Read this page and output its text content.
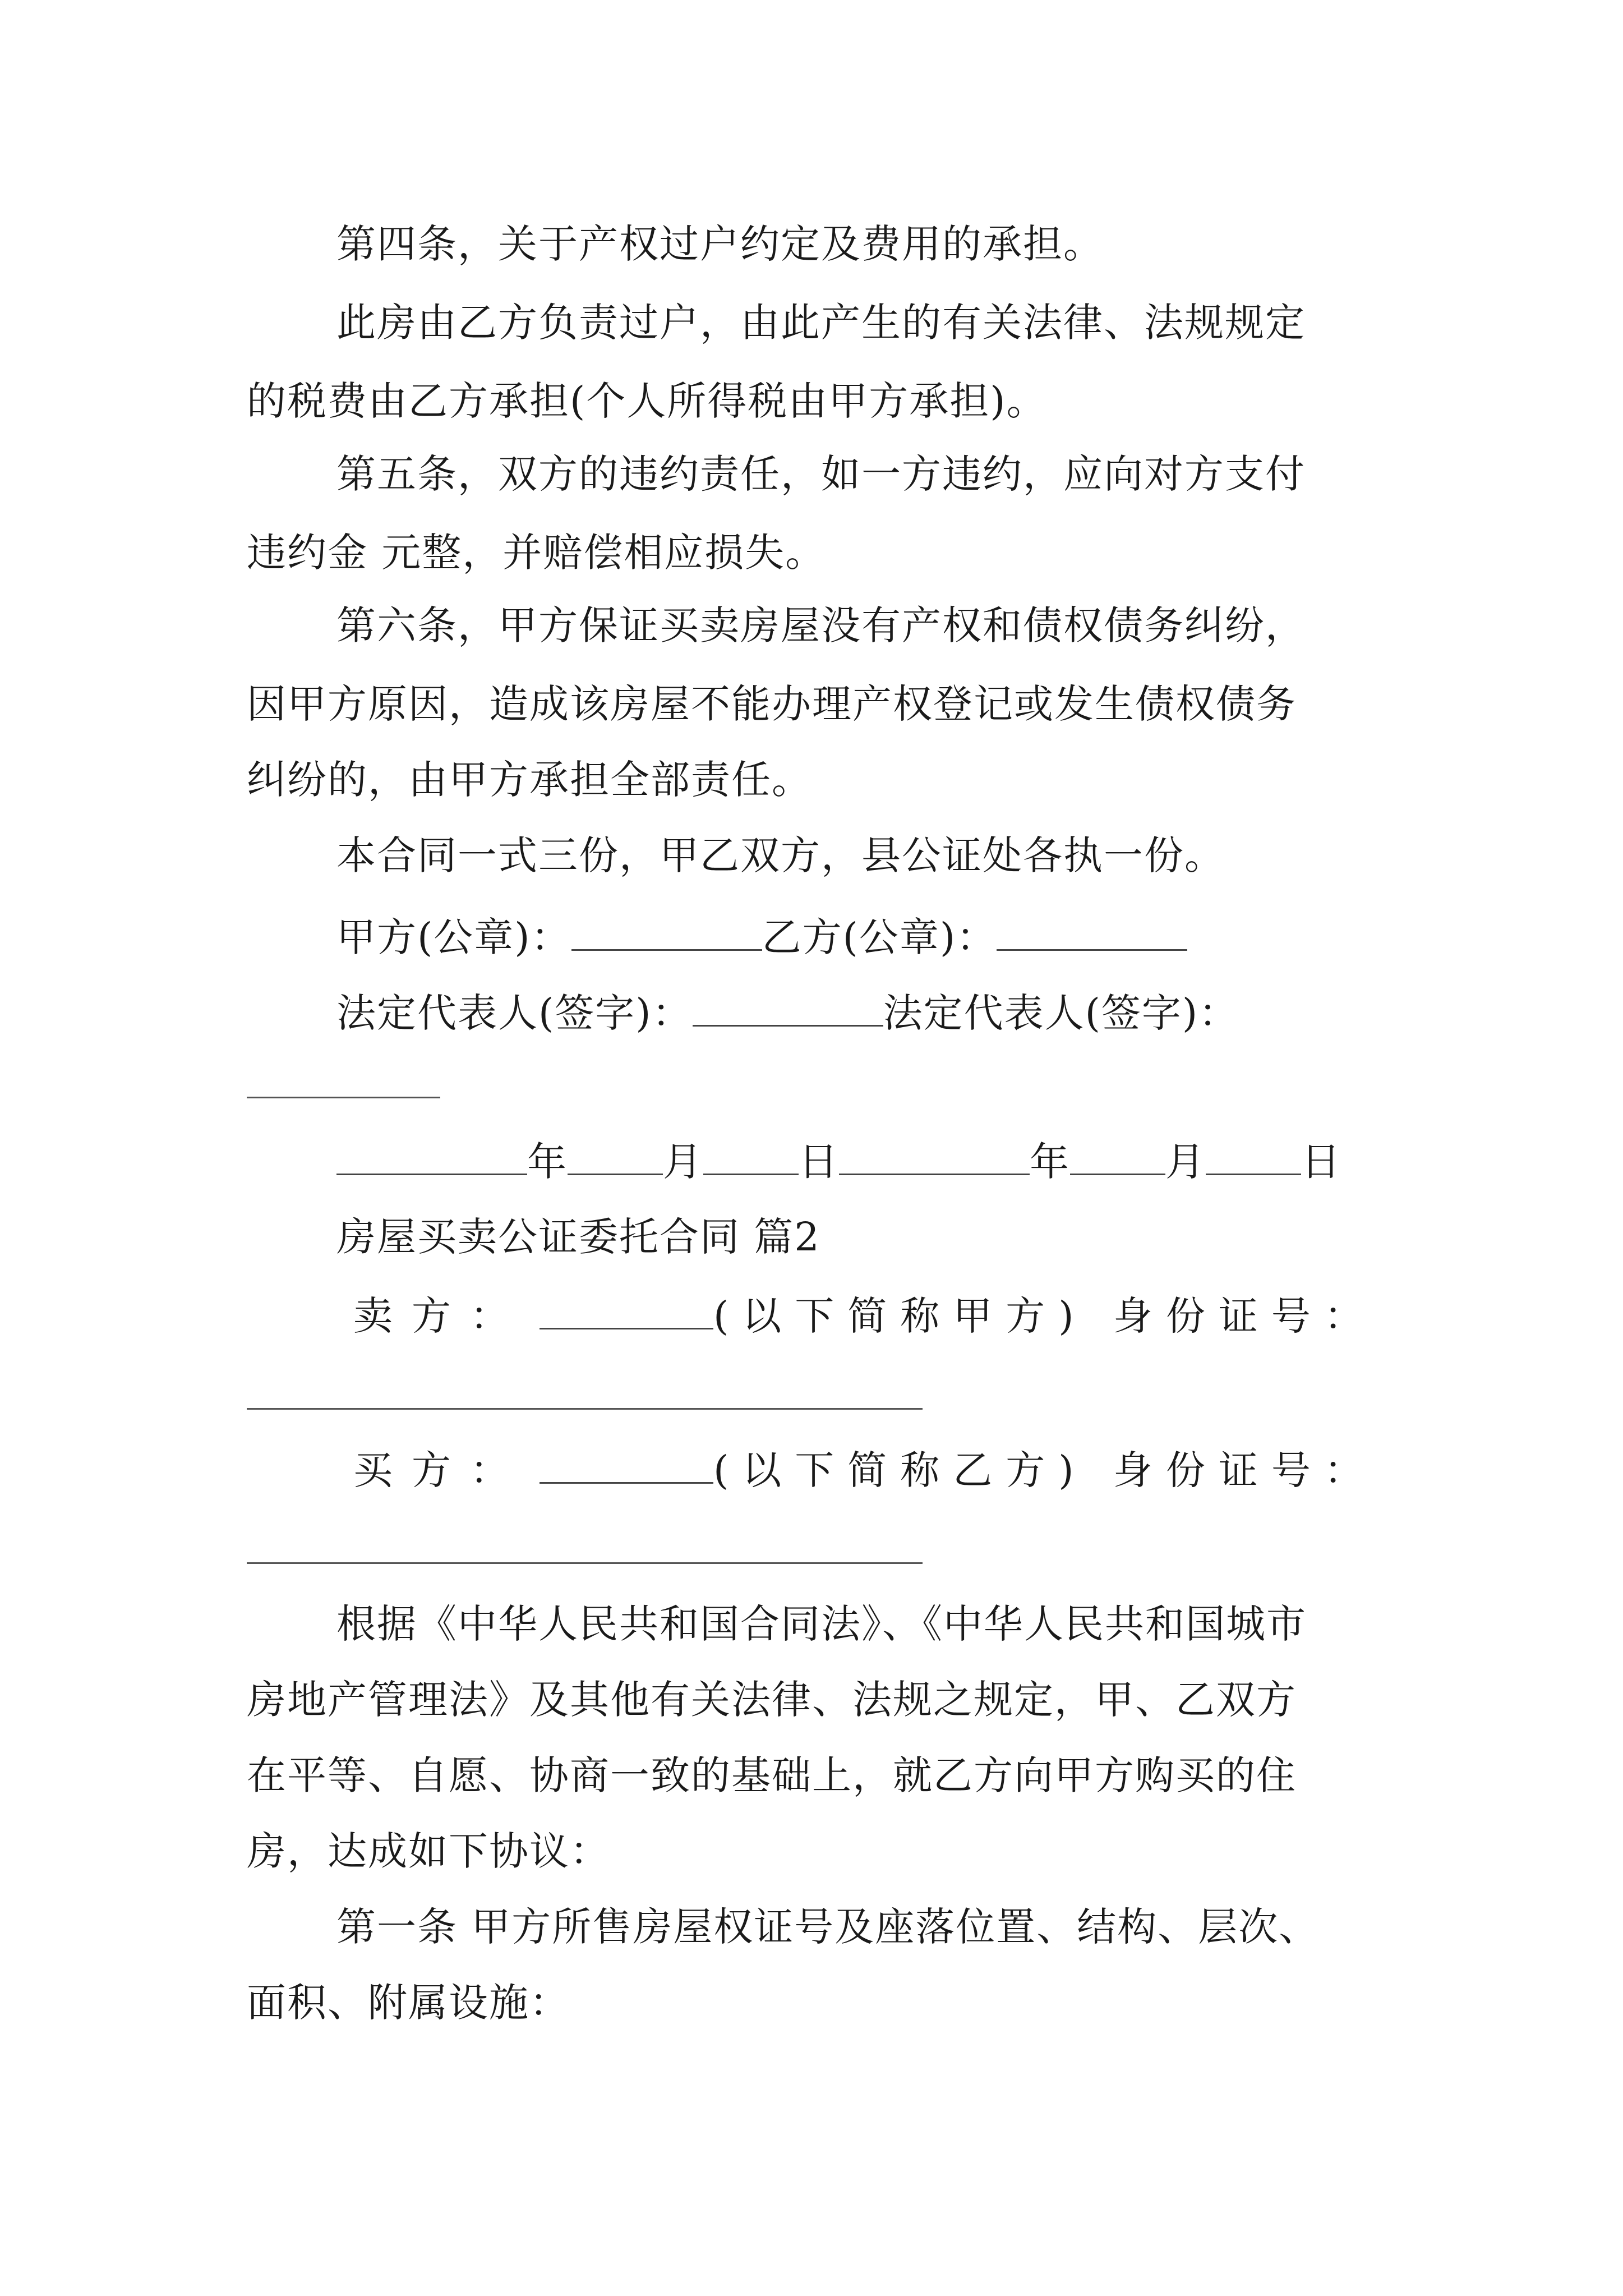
第四条，关于产权过户约定及费用的承担。
此房由乙方负责过户，由此产生的有关法律、法规规定
的税费由乙方承担(个人所得税由甲方承担)。
第五条，双方的违约责任，如一方违约，应向对方支付
违约金 元整，并赔偿相应损失。
第六条，甲方保证买卖房屋没有产权和债权债务纠纷，
因甲方原因，造成该房屋不能办理产权登记或发生债权债务
纠纷的，由甲方承担全部责任。
本合同一式三份，甲乙双方，县公证处各执一份。
甲方(公章)：	乙方(公章)：
法定代表人(签字)：	法定代表人(签字)：
年 月 日	年 月 日
房屋买卖公证委托合同 篇2
卖方：	(以下简称甲方) 身份证号：
买方：	(以下简称乙方) 身份证号：
根据《中华人民共和国合同法》、《中华人民共和国城市
房地产管理法》及其他有关法律、法规之规定，甲、乙双方
在平等、自愿、协商一致的基础上，就乙方向甲方购买的住
房，达成如下协议：
第一条 甲方所售房屋权证号及座落位置、结构、层次、
面积、附属设施：
